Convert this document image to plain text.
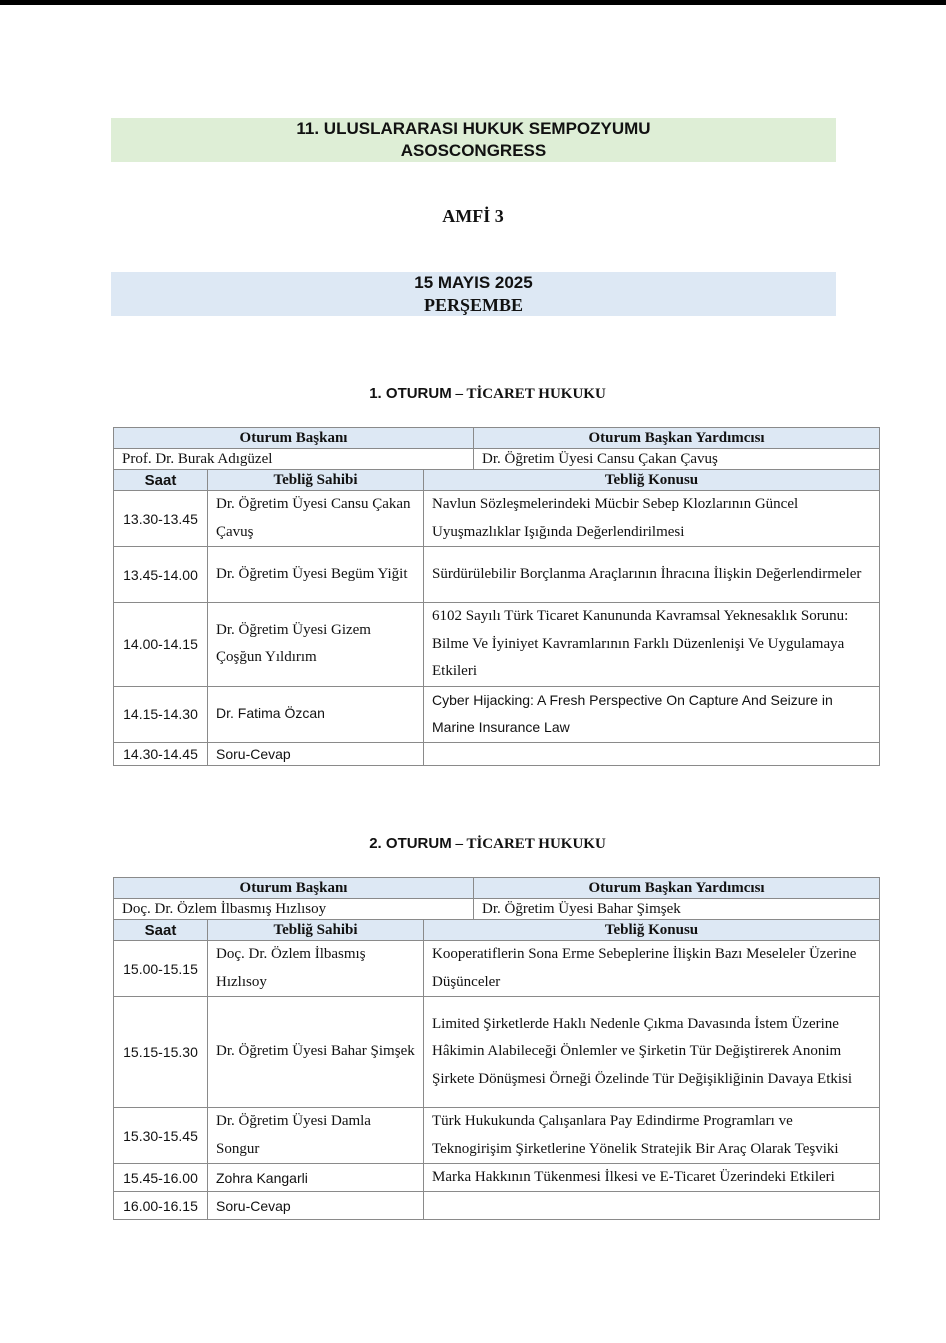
11. ULUSLARARASI HUKUK SEMPOZYUMU
ASOSCONGRESS
AMFİ 3
15 MAYIS 2025
PERŞEMBE
1. OTURUM – TİCARET HUKUKU
Oturum Başkanı			Oturum Başkan Yardımcısı
Prof. Dr. Burak Adıgüzel			Dr. Öğretim Üyesi Cansu Çakan Çavuş
Saat	Tebliğ Sahibi	Tebliğ Konusu	
13.30-13.45	Dr. Öğretim Üyesi Cansu Çakan Çavuş	Navlun Sözleşmelerindeki Mücbir Sebep Klozlarının Güncel Uyuşmazlıklar Işığında Değerlendirilmesi	
13.45-14.00	Dr. Öğretim Üyesi Begüm Yiğit	Sürdürülebilir Borçlanma Araçlarının İhracına İlişkin Değerlendirmeler	
14.00-14.15	Dr. Öğretim Üyesi Gizem Çoşğun Yıldırım	6102 Sayılı Türk Ticaret Kanununda Kavramsal Yeknesaklık Sorunu: Bilme Ve İyiniyet Kavramlarının Farklı Düzenlenişi Ve Uygulamaya Etkileri	
14.15-14.30	Dr. Fatima Özcan	Cyber Hijacking: A Fresh Perspective On Capture And Seizure in Marine Insurance Law	
14.30-14.45	Soru-Cevap		
2. OTURUM – TİCARET HUKUKU
Oturum Başkanı			Oturum Başkan Yardımcısı
Doç. Dr. Özlem İlbasmış Hızlısoy			Dr. Öğretim Üyesi Bahar Şimşek
Saat	Tebliğ Sahibi	Tebliğ Konusu	
15.00-15.15	Doç. Dr. Özlem İlbasmış Hızlısoy	Kooperatiflerin Sona Erme Sebeplerine İlişkin Bazı Meseleler Üzerine Düşünceler	
15.15-15.30	Dr. Öğretim Üyesi Bahar Şimşek	Limited Şirketlerde Haklı Nedenle Çıkma Davasında İstem Üzerine Hâkimin Alabileceği Önlemler ve Şirketin Tür Değiştirerek Anonim Şirkete Dönüşmesi Örneği Özelinde Tür Değişikliğinin Davaya Etkisi	
15.30-15.45	Dr. Öğretim Üyesi Damla Songur	Türk Hukukunda Çalışanlara Pay Edindirme Programları ve Teknogirişim Şirketlerine Yönelik Stratejik Bir Araç Olarak Teşviki	
15.45-16.00	Zohra Kangarli	Marka Hakkının Tükenmesi İlkesi ve E-Ticaret Üzerindeki Etkileri	
16.00-16.15	Soru-Cevap		
